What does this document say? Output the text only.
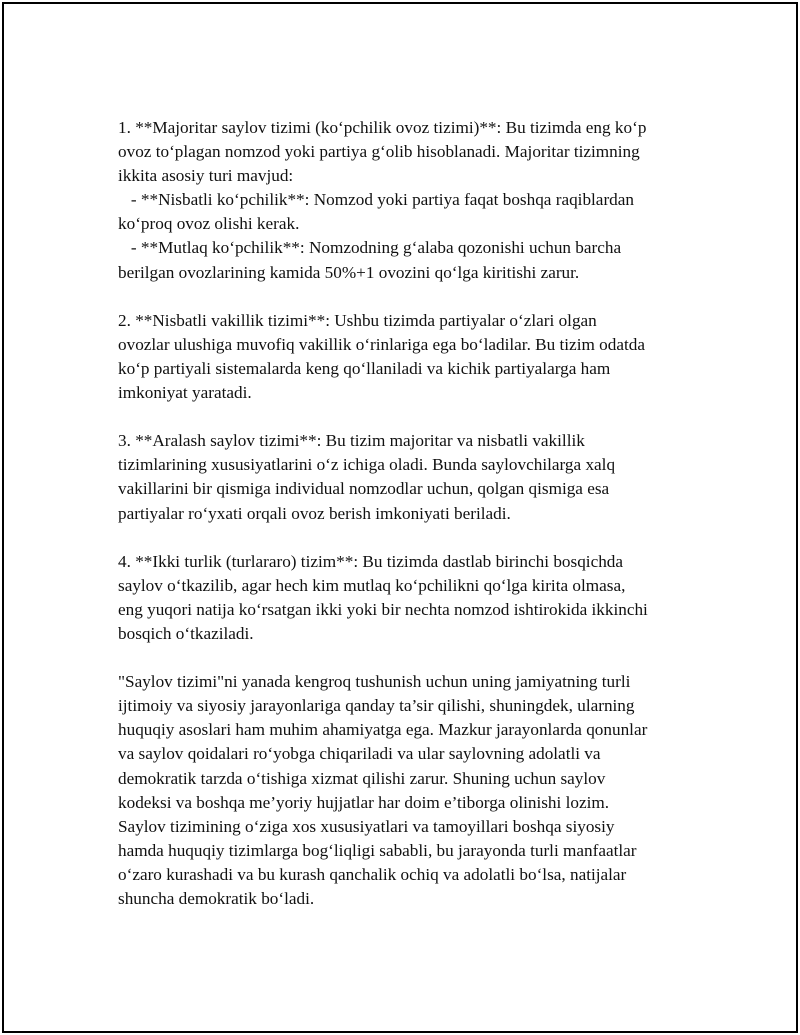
1. **Majoritar saylov tizimi (ko‘pchilik ovoz tizimi)**: Bu tizimda eng ko‘p

ovoz to‘plagan nomzod yoki partiya g‘olib hisoblanadi. Majoritar tizimning

ikkita asosiy turi mavjud:

- **Nisbatli ko‘pchilik**: Nomzod yoki partiya faqat boshqa raqiblardan

ko‘proq ovoz olishi kerak.

- **Mutlaq ko‘pchilik**: Nomzodning g‘alaba qozonishi uchun barcha

berilgan ovozlarining kamida 50%+1 ovozini qo‘lga kiritishi zarur.

2. **Nisbatli vakillik tizimi**: Ushbu tizimda partiyalar o‘zlari olgan

ovozlar ulushiga muvofiq vakillik o‘rinlariga ega bo‘ladilar. Bu tizim odatda

ko‘p partiyali sistemalarda keng qo‘llaniladi va kichik partiyalarga ham

imkoniyat yaratadi.

3. **Aralash saylov tizimi**: Bu tizim majoritar va nisbatli vakillik

tizimlarining xususiyatlarini o‘z ichiga oladi. Bunda saylovchilarga xalq

vakillarini bir qismiga individual nomzodlar uchun, qolgan qismiga esa

partiyalar ro‘yxati orqali ovoz berish imkoniyati beriladi.

4. **Ikki turlik (turlararo) tizim**: Bu tizimda dastlab birinchi bosqichda

saylov o‘tkazilib, agar hech kim mutlaq ko‘pchilikni qo‘lga kirita olmasa,

eng yuqori natija ko‘rsatgan ikki yoki bir nechta nomzod ishtirokida ikkinchi

bosqich o‘tkaziladi.

"Saylov tizimi"ni yanada kengroq tushunish uchun uning jamiyatning turli

ijtimoiy va siyosiy jarayonlariga qanday ta’sir qilishi, shuningdek, ularning

huquqiy asoslari ham muhim ahamiyatga ega. Mazkur jarayonlarda qonunlar

va saylov qoidalari ro‘yobga chiqariladi va ular saylovning adolatli va

demokratik tarzda o‘tishiga xizmat qilishi zarur. Shuning uchun saylov

kodeksi va boshqa me’yoriy hujjatlar har doim e’tiborga olinishi lozim.

Saylov tizimining o‘ziga xos xususiyatlari va tamoyillari boshqa siyosiy

hamda huquqiy tizimlarga bog‘liqligi sababli, bu jarayonda turli manfaatlar

o‘zaro kurashadi va bu kurash qanchalik ochiq va adolatli bo‘lsa, natijalar

shuncha demokratik bo‘ladi.
